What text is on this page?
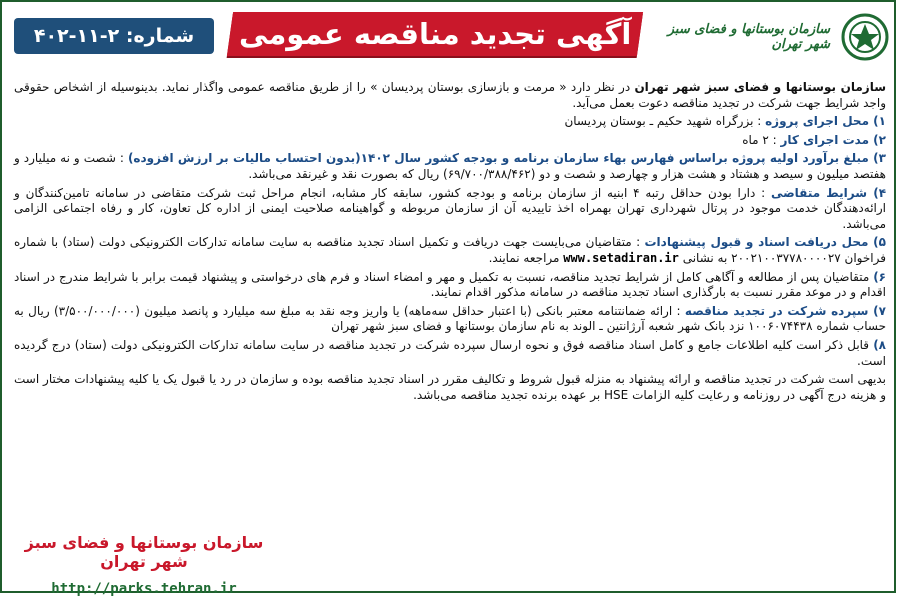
شماره: ۲-۱۱-۴۰۲	آگهی تجدید مناقصه عمومی	سازمان بوستانها و فضای سبز شهر تهران

سازمان بوستانها و فضای سبز شهر تهران در نظر دارد « مرمت و بازسازی بوستان پردیسان » را از طریق مناقصه عمومی واگذار نماید. بدینوسیله از اشخاص حقوقی واجد شرایط جهت شرکت در تجدید مناقصه دعوت بعمل می‌آید.

۱) محل اجرای پروژه : بزرگراه شهید حکیم ـ بوستان پردیسان

۲) مدت اجرای کار : ۲ ماه

۳) مبلغ برآورد اولیه پروژه براساس فهارس بهاء سازمان برنامه و بودجه کشور سال ۱۴۰۲(بدون احتساب مالیات بر ارزش افزوده) : شصت و نه میلیارد و هفتصد میلیون و سیصد و هشتاد و هشت هزار و چهارصد و شصت و دو (۶۹/۷۰۰/۳۸۸/۴۶۲) ریال که بصورت نقد و غیرنقد می‌باشد.

۴) شرایط متقاضی : دارا بودن حداقل رتبه ۴ ابنیه از سازمان برنامه و بودجه کشور، سابقه کار مشابه، انجام مراحل ثبت شرکت متقاضی در سامانه تامین‌کنندگان و ارائه‌دهندگان خدمت موجود در پرتال شهرداری تهران بهمراه اخذ تاییدیه آن از سازمان مربوطه و گواهینامه صلاحیت ایمنی از اداره کل تعاون، کار و رفاه اجتماعی الزامی می‌باشد.

۵) محل دریافت اسناد و قبول پیشنهادات : متقاضیان می‌بایست جهت دریافت و تکمیل اسناد تجدید مناقصه به سایت سامانه تدارکات الکترونیکی دولت (ستاد) با شماره فراخوان ۲۰۰۲۱۰۰۳۷۷۸۰۰۰۰۲۷ به نشانی www.setadiran.ir مراجعه نمایند.

۶) متقاضیان پس از مطالعه و آگاهی کامل از شرایط تجدید مناقصه، نسبت به تکمیل و مهر و امضاء اسناد و فرم های درخواستی و پیشنهاد قیمت برابر با شرایط مندرج در اسناد اقدام و در موعد مقرر نسبت به بارگذاری اسناد تجدید مناقصه در سامانه مذکور اقدام نمایند.

۷) سپرده شرکت در تجدید مناقصه : ارائه ضمانتنامه معتبر بانکی (با اعتبار حداقل سه‌ماهه) یا واریز وجه نقد به مبلغ سه میلیارد و پانصد میلیون (۳/۵۰۰/۰۰۰/۰۰۰) ریال به حساب شماره ۱۰۰۶۰۷۴۴۳۸ نزد بانک شهر شعبه آرژانتین ـ الوند به نام سازمان بوستانها و فضای سبز شهر تهران

۸) قابل ذکر است کلیه اطلاعات جامع و کامل اسناد مناقصه فوق و نحوه ارسال سپرده شرکت در تجدید مناقصه در سایت سامانه تدارکات الکترونیکی دولت (ستاد) درج گردیده است.

بدیهی است شرکت در تجدید مناقصه و ارائه پیشنهاد به منزله قبول شروط و تکالیف مقرر در اسناد تجدید مناقصه بوده و سازمان در رد یا قبول یک یا کلیه پیشنهادات مختار است و هزینه درج آگهی در روزنامه و رعایت کلیه الزامات HSE بر عهده برنده تجدید مناقصه می‌باشد.

سازمان بوستانها و فضای سبز شهر تهران
http://parks.tehran.ir
